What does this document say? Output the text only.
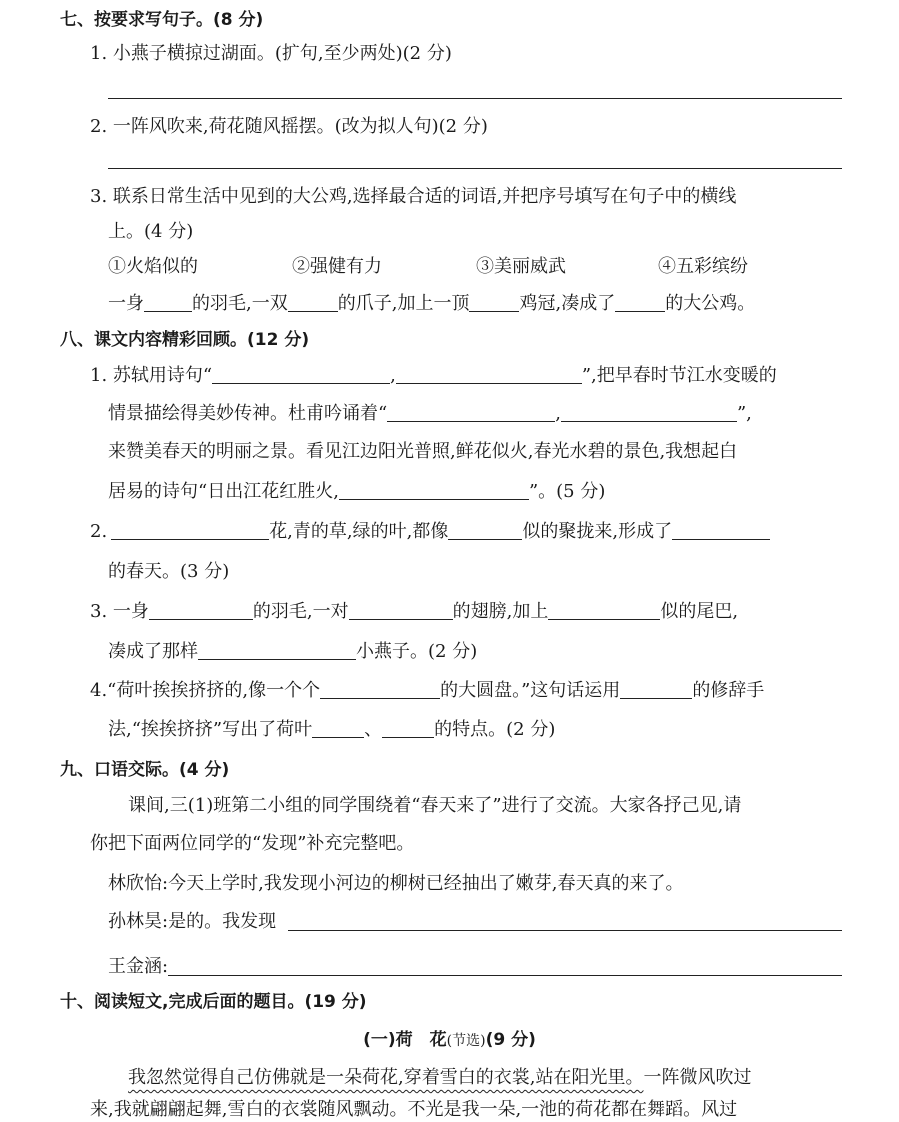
七、按要求写句子。(8 分)
1. 小燕子横掠过湖面。(扩句,至少两处)(2 分)
2. 一阵风吹来,荷花随风摇摆。(改为拟人句)(2 分)
3. 联系日常生活中见到的大公鸡,选择最合适的词语,并把序号填写在句子中的横线
上。(4 分)
①火焰似的	②强健有力	③美丽威武	④五彩缤纷
一身	的羽毛,一双	的爪子,加上一顶	鸡冠,凑成了	的大公鸡。
八、课文内容精彩回顾。(12 分)
1. 苏轼用诗句“	,	”,把早春时节江水变暖的
情景描绘得美妙传神。杜甫吟诵着“	,	”,
来赞美春天的明丽之景。看见江边阳光普照,鲜花似火,春光水碧的景色,我想起白
居易的诗句“日出江花红胜火,	”。(5 分)
2.	花,青的草,绿的叶,都像	似的聚拢来,形成了
的春天。(3 分)
3. 一身	的羽毛,一对	的翅膀,加上	似的尾巴,
凑成了那样	小燕子。(2 分)
4.“荷叶挨挨挤挤的,像一个个	的大圆盘。”这句话运用	的修辞手
法,“挨挨挤挤”写出了荷叶	、	的特点。(2 分)
九、口语交际。(4 分)
课间,三(1)班第二小组的同学围绕着“春天来了”进行了交流。大家各抒己见,请
你把下面两位同学的“发现”补充完整吧。
林欣怡:今天上学时,我发现小河边的柳树已经抽出了嫩芽,春天真的来了。
孙林昊:是的。我发现
王金涵:
十、阅读短文,完成后面的题目。(19 分)
(一)荷　花(节选)(9 分)
我忽然觉得自己仿佛就是一朵荷花,穿着雪白的衣裳,站在阳光里。一阵微风吹过
来,我就翩翩起舞,雪白的衣裳随风飘动。不光是我一朵,一池的荷花都在舞蹈。风过
